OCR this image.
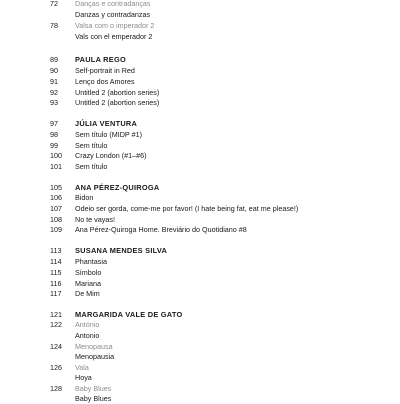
72	Danças e contradanças
Danzas y contradanzas
78	Valsa com o imperador 2
Vals con el emperador 2
89	PAULA REGO
90	Self-portrait in Red
91	Lenço dos Amores
92	Untitled 2 (abortion series)
93	Untitled 2 (abortion series)
97	JÚLIA VENTURA
98	Sem título (MIDP #1)
99	Sem título
100	Crazy London (#1–#6)
101	Sem título
105	ANA PÉREZ-QUIROGA
106	Bidon
107	Odeio ser gorda, come-me por favor! (I hate being fat, eat me please!)
108	No te vayas!
109	Ana Pérez-Quiroga Home. Breviário do Quotidiano #8
113	SUSANA MENDES SILVA
114	Phantasia
115	Símbolo
116	Mariana
117	De Mim
121	MARGARIDA VALE DE GATO
122	António
Antonio
124	Menopausa
Menopausia
126	Vala
Hoya
128	Baby Blues
Baby Blues
